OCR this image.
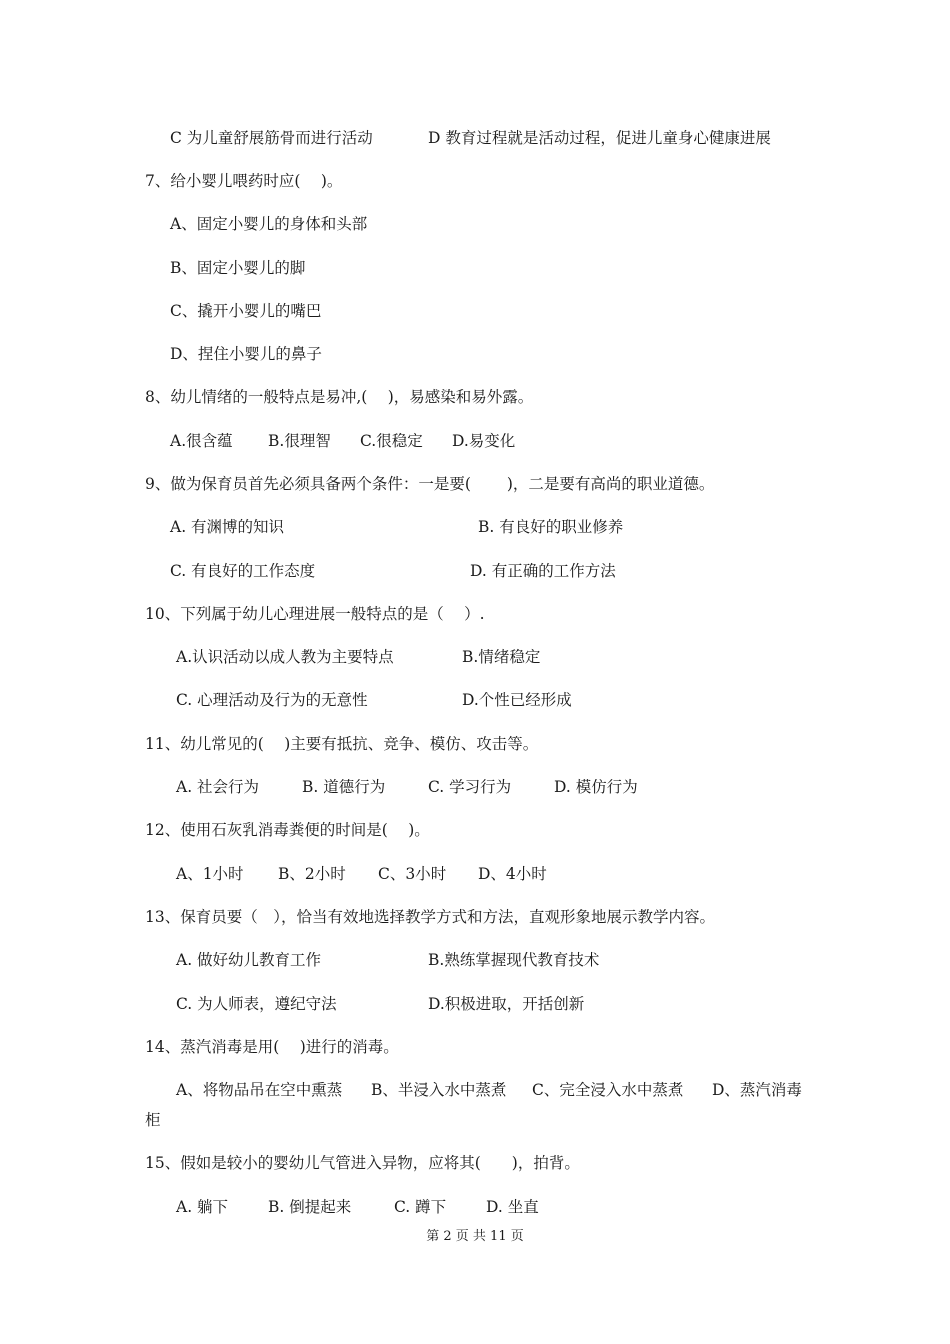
C 为儿童舒展筋骨而进行活动	D 教育过程就是活动过程，促进儿童身心健康进展
7、给小婴儿喂药时应(　 )。
A、固定小婴儿的身体和头部
B、固定小婴儿的脚
C、撬开小婴儿的嘴巴
D、捏住小婴儿的鼻子
8、幼儿情绪的一般特点是易冲,(　 )，易感染和易外露。
A.很含蕴 B.很理智 C.很稳定 D.易变化
9、做为保育员首先必须具备两个条件：一是要(　　 )，二是要有高尚的职业道德。
A. 有渊博的知识	B. 有良好的职业修养
C. 有良好的工作态度	D. 有正确的工作方法
10、下列属于幼儿心理进展一般特点的是（　 ）.
A.认识活动以成人教为主要特点	B.情绪稳定
C. 心理活动及行为的无意性	D.个性已经形成
11、幼儿常见的(　 )主要有抵抗、竞争、模仿、攻击等。
A. 社会行为	B. 道德行为	C. 学习行为	D. 模仿行为
12、使用石灰乳消毒粪便的时间是(　 )。
A、1小时 B、2小时 C、3小时 D、4小时
13、保育员要（　），恰当有效地选择教学方式和方法，直观形象地展示教学内容。
A. 做好幼儿教育工作	B.熟练掌握现代教育技术
C. 为人师表，遵纪守法	D.积极进取，开括创新
14、蒸汽消毒是用(　 )进行的消毒。
A、将物品吊在空中熏蒸 B、半浸入水中蒸煮 C、完全浸入水中蒸煮 D、蒸汽消毒
柜
15、假如是较小的婴幼儿气管进入异物，应将其(　　)，拍背。
A. 躺下	B. 倒提起来	C. 蹲下	D. 坐直
第 2 页 共 11 页
